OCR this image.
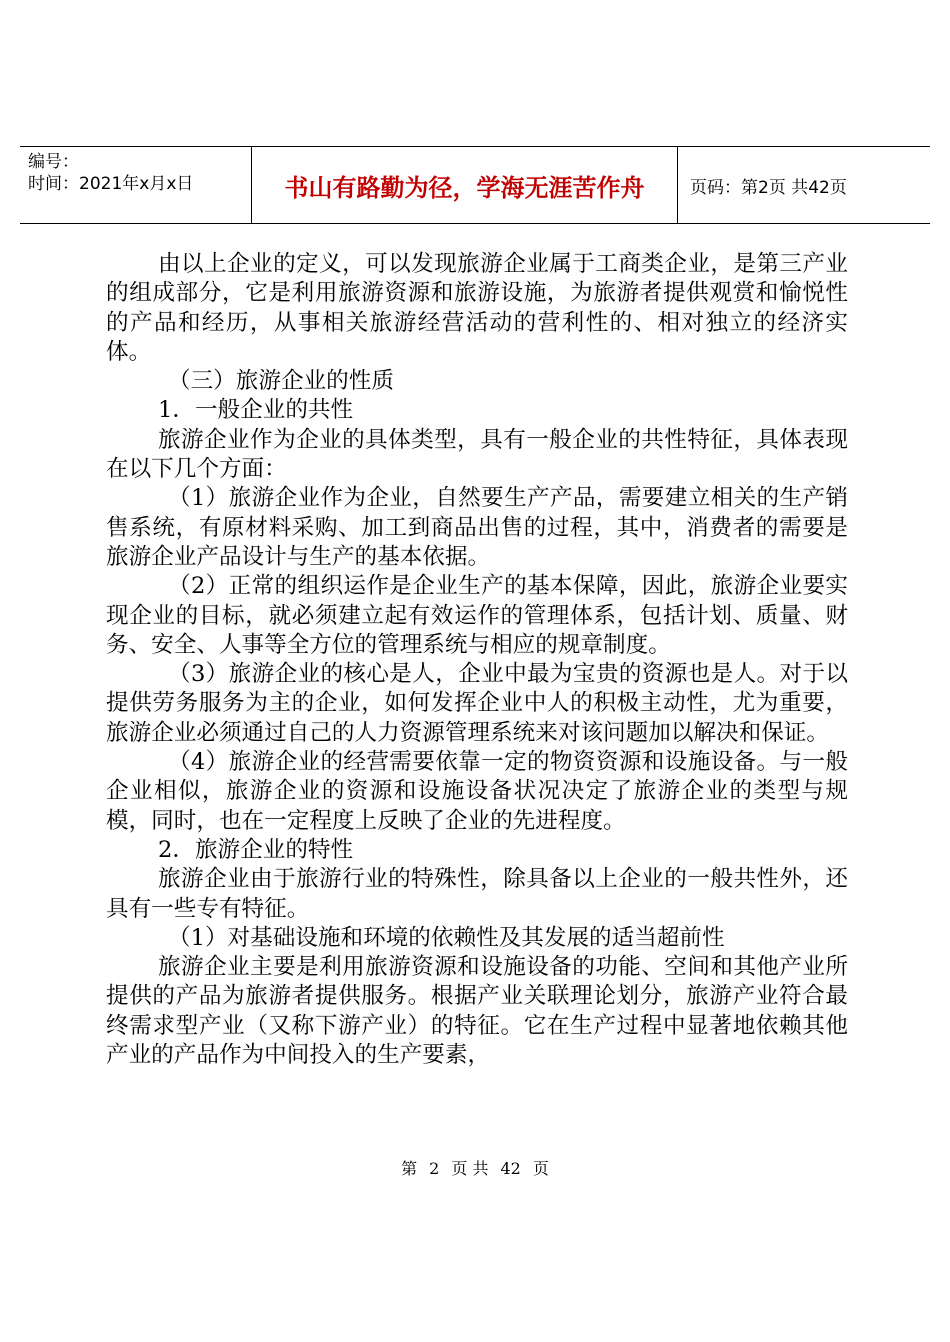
编号：
时间：2021年x月x日	书山有路勤为径，学海无涯苦作舟	页码：第2页 共42页

由以上企业的定义，可以发现旅游企业属于工商类企业，是第三产业的组成部分，它是利用旅游资源和旅游设施，为旅游者提供观赏和愉悦性的产品和经历，从事相关旅游经营活动的营利性的、相对独立的经济实体。

（三）旅游企业的性质

1．一般企业的共性

旅游企业作为企业的具体类型，具有一般企业的共性特征，具体表现在以下几个方面：

（1）旅游企业作为企业，自然要生产产品，需要建立相关的生产销售系统，有原材料采购、加工到商品出售的过程，其中，消费者的需要是旅游企业产品设计与生产的基本依据。

（2）正常的组织运作是企业生产的基本保障，因此，旅游企业要实现企业的目标，就必须建立起有效运作的管理体系，包括计划、质量、财务、安全、人事等全方位的管理系统与相应的规章制度。

（3）旅游企业的核心是人，企业中最为宝贵的资源也是人。对于以提供劳务服务为主的企业，如何发挥企业中人的积极主动性，尤为重要，旅游企业必须通过自己的人力资源管理系统来对该问题加以解决和保证。

（4）旅游企业的经营需要依靠一定的物资资源和设施设备。与一般企业相似，旅游企业的资源和设施设备状况决定了旅游企业的类型与规模，同时，也在一定程度上反映了企业的先进程度。

2．旅游企业的特性

旅游企业由于旅游行业的特殊性，除具备以上企业的一般共性外，还具有一些专有特征。

（1）对基础设施和环境的依赖性及其发展的适当超前性

旅游企业主要是利用旅游资源和设施设备的功能、空间和其他产业所提供的产品为旅游者提供服务。根据产业关联理论划分，旅游产业符合最终需求型产业（又称下游产业）的特征。它在生产过程中显著地依赖其他产业的产品作为中间投入的生产要素，

第 2 页 共 42 页
